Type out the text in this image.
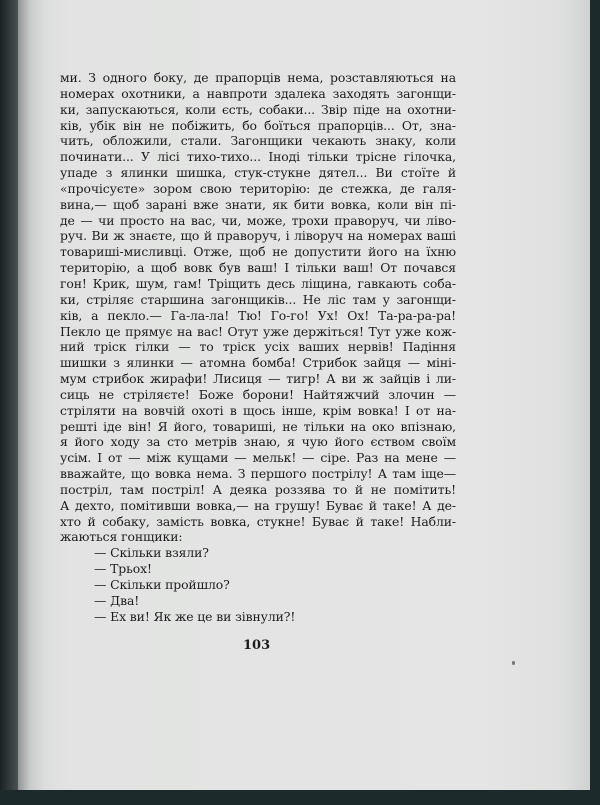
ми. З одного боку, де прапорців нема, розставляються на
номерах охотники, а навпроти здалека заходять загонщи-
ки, запускаються, коли єсть, собаки... Звір піде на охотни-
ків, убік він не побіжить, бо боїться прапорців... От, зна-
чить, обложили, стали. Загонщики чекають знаку, коли
починати... У лісі тихо-тихо... Іноді тільки трісне гілочка,
упаде з ялинки шишка, стук-стукне дятел... Ви стоїте й
«прочісуєте» зором свою територію: де стежка, де галя-
вина,— щоб зарані вже знати, як бити вовка, коли він пі-
де — чи просто на вас, чи, може, трохи праворуч, чи ліво-
руч. Ви ж знаєте, що й праворуч, і ліворуч на номерах ваші
товариші-мисливці. Отже, щоб не допустити його на їхню
територію, а щоб вовк був ваш! І тільки ваш! От почався
гон! Крик, шум, гам! Тріщить десь ліщина, гавкають соба-
ки, стріляє старшина загонщиків... Не ліс там у загонщи-
ків, а пекло.— Га-ла-ла! Тю! Го-го! Ух! Ох! Та-ра-ра-ра!
Пекло це прямує на вас! Отут уже держіться! Тут уже кож-
ний тріск гілки — то тріск усіх ваших нервів! Падіння
шишки з ялинки — атомна бомба! Стрибок зайця — міні-
мум стрибок жирафи! Лисиця — тигр! А ви ж зайців і ли-
сиць не стріляєте! Боже борони! Найтяжчий злочин —
стріляти на вовчій охоті в щось інше, крім вовка! І от на-
решті іде він! Я його, товариші, не тільки на око впізнаю,
я його ходу за сто метрів знаю, я чую його єством своїм
усім. І от — між кущами — мельк! — сіре. Раз на мене —
вважайте, що вовка нема. З першого пострілу! А там іще—
постріл, там постріл! А деяка роззява то й не помітить!
А дехто, помітивши вовка,— на грушу! Буває й таке! А де-
хто й собаку, замість вовка, стукне! Буває й таке! Набли-
жаються гонщики:
— Скільки взяли?
— Трьох!
— Скільки пройшло?
— Два!
— Ех ви! Як же це ви зівнули?!
103
